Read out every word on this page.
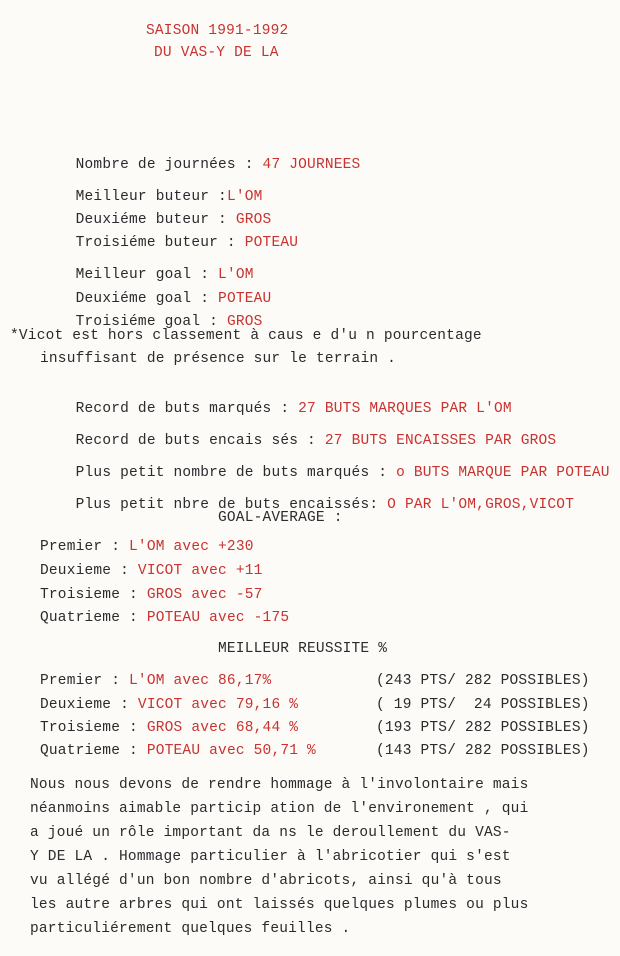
SAISON 1991-1992
DU VAS-Y DE LA

Nombre de journées : 47 JOURNEES

Meilleur buteur :L'OM

Deuxiéme buteur : GROS

Troisiéme buteur : POTEAU

Meilleur goal : L'OM

Deuxiéme goal : POTEAU

Troisiéme goal : GROS

*Vicot est hors classement à caus e d'u n pourcentage
insuffisant de présence sur le terrain .

Record de buts marqués : 27 BUTS MARQUES PAR L'OM

Record de buts encais sés : 27 BUTS ENCAISSES PAR GROS

Plus petit nombre de buts marqués : o BUTS MARQUE PAR POTEAU

Plus petit nbre de buts encaissés: O PAR L'OM,GROS,VICOT

GOAL-AVERAGE :
Premier : L'OM avec +230
Deuxieme : VICOT avec +11
Troisieme : GROS avec -57
Quatrieme : POTEAU avec -175
MEILLEUR REUSSITE %
Premier : L'OM avec 86,17%	(243 PTS/ 282 POSSIBLES)
Deuxieme : VICOT avec 79,16 %	( 19 PTS/  24 POSSIBLES)
Troisieme : GROS avec 68,44 %	(193 PTS/ 282 POSSIBLES)
Quatrieme : POTEAU avec 50,71 %	(143 PTS/ 282 POSSIBLES)
Nous nous devons de rendre hommage à l'involontaire mais
néanmoins aimable particip ation de l'environement , qui
a joué un rôle important da ns le deroullement du VAS-
Y DE LA . Hommage particulier à l'abricotier qui s'est
vu allégé d'un bon nombre d'abricots, ainsi qu'à tous
les autre arbres qui ont laissés quelques plumes ou plus
particuliérement quelques feuilles .
